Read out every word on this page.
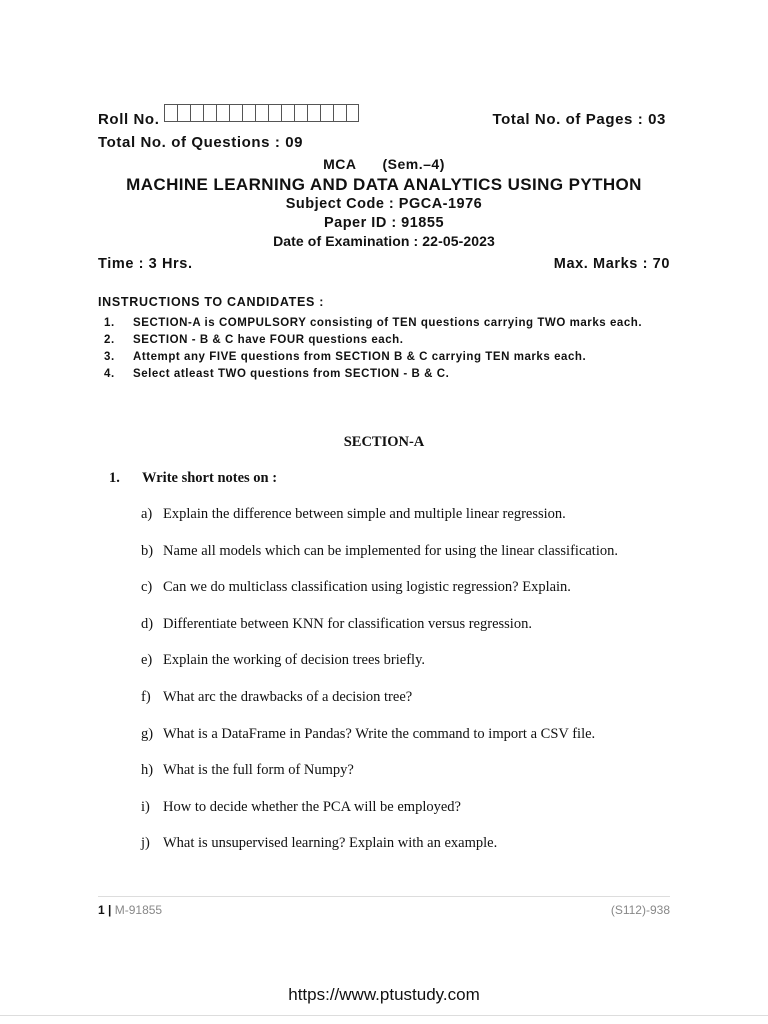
Roll No.	Total No. of Pages : 03
Total No. of Questions : 09
MCA (Sem.–4)
MACHINE LEARNING AND DATA ANALYTICS USING PYTHON
Subject Code : PGCA-1976
Paper ID : 91855
Date of Examination : 22-05-2023
Time : 3 Hrs.	Max. Marks : 70
INSTRUCTIONS TO CANDIDATES :
1.	SECTION-A is COMPULSORY consisting of TEN questions carrying TWO marks each.
2.	SECTION - B & C have FOUR questions each.
3.	Attempt any FIVE questions from SECTION B & C carrying TEN marks each.
4.	Select atleast TWO questions from SECTION - B & C.
SECTION-A
1. Write short notes on :
a) Explain the difference between simple and multiple linear regression.
b) Name all models which can be implemented for using the linear classification.
c) Can we do multiclass classification using logistic regression? Explain.
d) Differentiate between KNN for classification versus regression.
e) Explain the working of decision trees briefly.
f) What arc the drawbacks of a decision tree?
g) What is a DataFrame in Pandas? Write the command to import a CSV file.
h) What is the full form of Numpy?
i) How to decide whether the PCA will be employed?
j) What is unsupervised learning? Explain with an example.
1 | M-91855	(S112)-938
https://www.ptustudy.com
